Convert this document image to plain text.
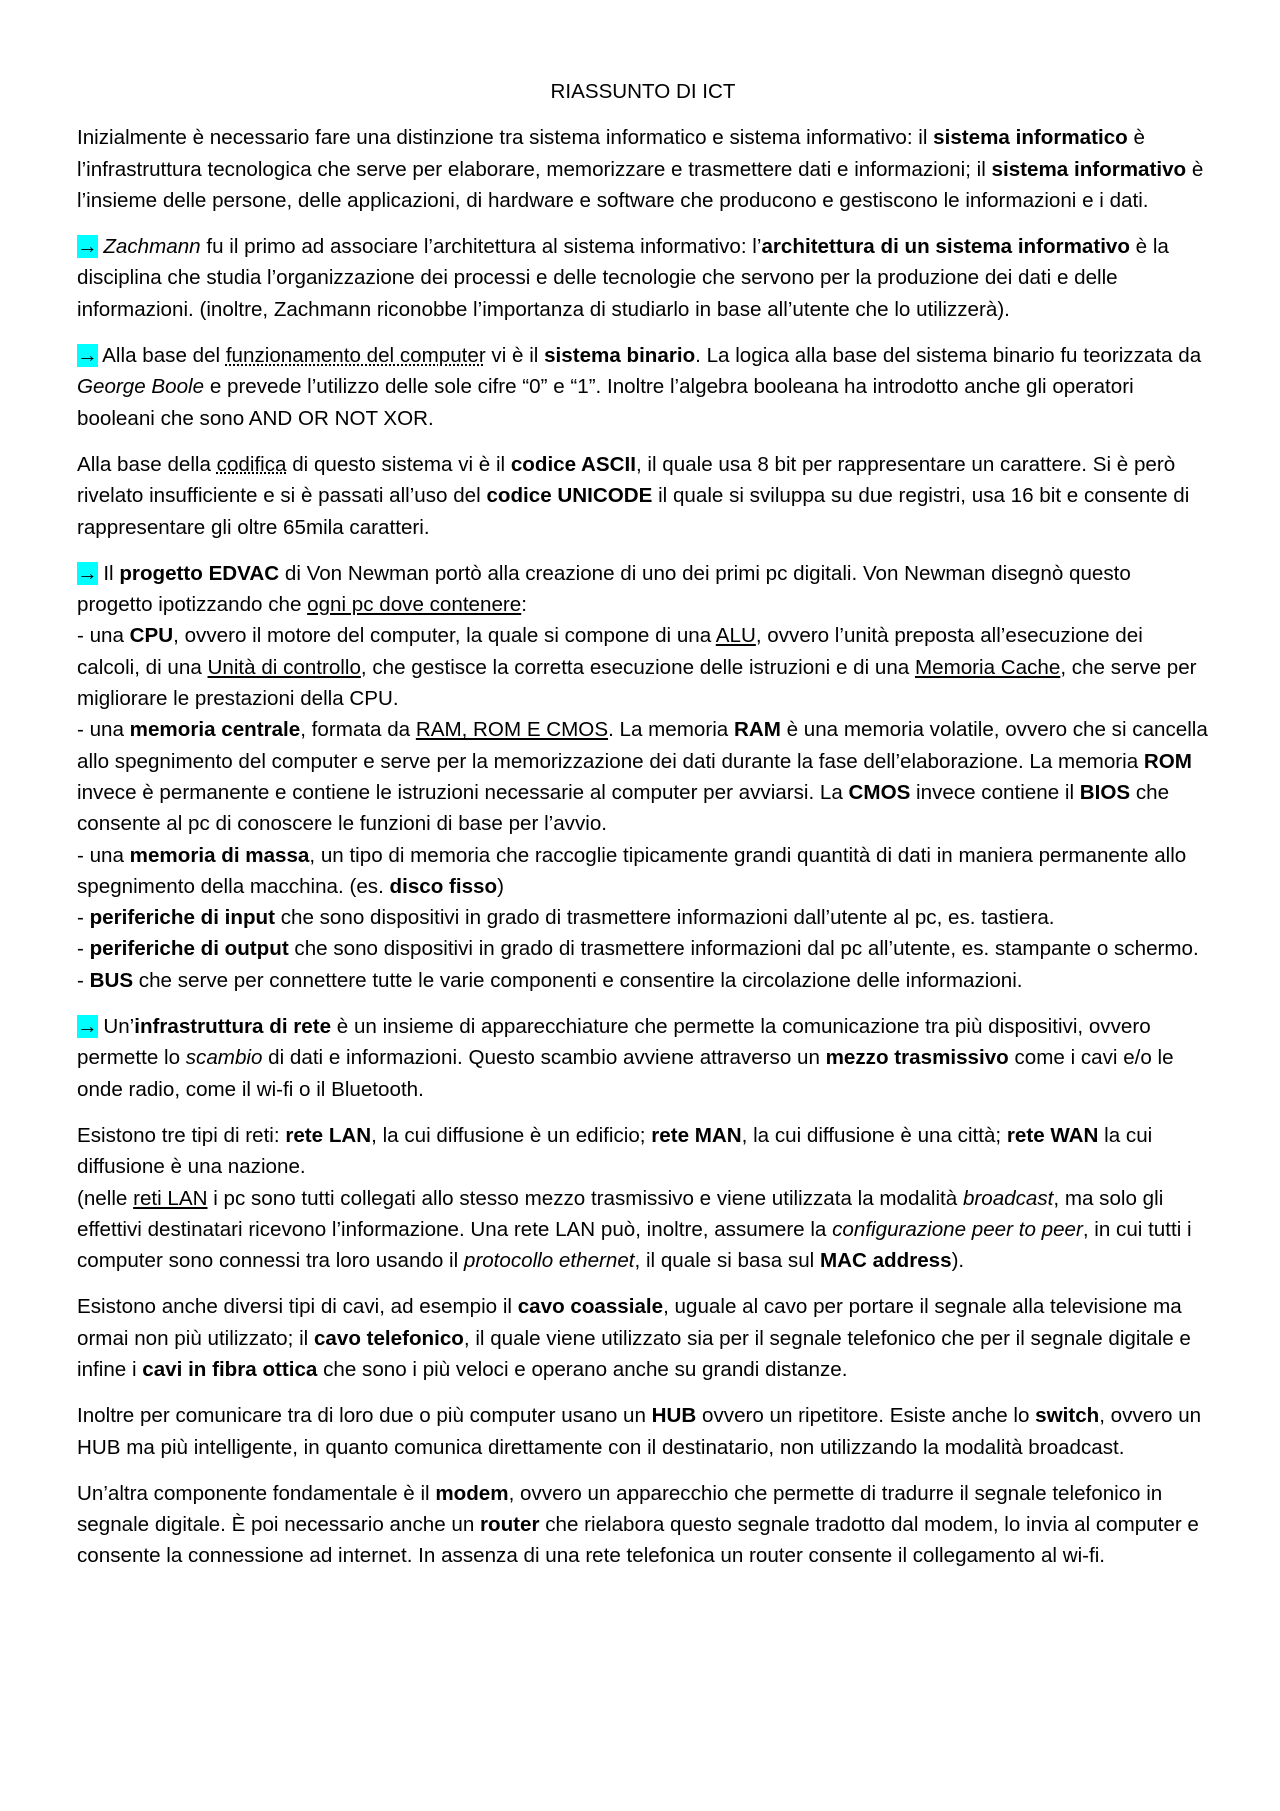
RIASSUNTO DI ICT
Inizialmente è necessario fare una distinzione tra sistema informatico e sistema informativo: il sistema informatico è l’infrastruttura tecnologica che serve per elaborare, memorizzare e trasmettere dati e informazioni; il sistema informativo è l’insieme delle persone, delle applicazioni, di hardware e software che producono e gestiscono le informazioni e i dati.
→ Zachmann fu il primo ad associare l’architettura al sistema informativo: l’architettura di un sistema informativo è la disciplina che studia l’organizzazione dei processi e delle tecnologie che servono per la produzione dei dati e delle informazioni. (inoltre, Zachmann riconobbe l’importanza di studiarlo in base all’utente che lo utilizzerà).
→ Alla base del funzionamento del computer vi è il sistema binario. La logica alla base del sistema binario fu teorizzata da George Boole e prevede l’utilizzo delle sole cifre “0” e “1”. Inoltre l’algebra booleana ha introdotto anche gli operatori booleani che sono AND OR NOT XOR.
Alla base della codifica di questo sistema vi è il codice ASCII, il quale usa 8 bit per rappresentare un carattere. Si è però rivelato insufficiente e si è passati all’uso del codice UNICODE il quale si sviluppa su due registri, usa 16 bit e consente di rappresentare gli oltre 65mila caratteri.
→ Il progetto EDVAC di Von Newman portò alla creazione di uno dei primi pc digitali. Von Newman disegnò questo progetto ipotizzando che ogni pc dove contenere:
- una CPU, ovvero il motore del computer, la quale si compone di una ALU, ovvero l’unità preposta all’esecuzione dei calcoli, di una Unità di controllo, che gestisce la corretta esecuzione delle istruzioni e di una Memoria Cache, che serve per migliorare le prestazioni della CPU.
- una memoria centrale, formata da RAM, ROM E CMOS. La memoria RAM è una memoria volatile, ovvero che si cancella allo spegnimento del computer e serve per la memorizzazione dei dati durante la fase dell’elaborazione. La memoria ROM invece è permanente e contiene le istruzioni necessarie al computer per avviarsi. La CMOS invece contiene il BIOS che consente al pc di conoscere le funzioni di base per l’avvio.
- una memoria di massa, un tipo di memoria che raccoglie tipicamente grandi quantità di dati in maniera permanente allo spegnimento della macchina. (es. disco fisso)
- periferiche di input che sono dispositivi in grado di trasmettere informazioni dall’utente al pc, es. tastiera.
- periferiche di output che sono dispositivi in grado di trasmettere informazioni dal pc all’utente, es. stampante o schermo.
- BUS che serve per connettere tutte le varie componenti e consentire la circolazione delle informazioni.
→ Un’infrastruttura di rete è un insieme di apparecchiature che permette la comunicazione tra più dispositivi, ovvero permette lo scambio di dati e informazioni. Questo scambio avviene attraverso un mezzo trasmissivo come i cavi e/o le onde radio, come il wi-fi o il Bluetooth.
Esistono tre tipi di reti: rete LAN, la cui diffusione è un edificio; rete MAN, la cui diffusione è una città; rete WAN la cui diffusione è una nazione.
(nelle reti LAN i pc sono tutti collegati allo stesso mezzo trasmissivo e viene utilizzata la modalità broadcast, ma solo gli effettivi destinatari ricevono l’informazione. Una rete LAN può, inoltre, assumere la configurazione peer to peer, in cui tutti i computer sono connessi tra loro usando il protocollo ethernet, il quale si basa sul MAC address).
Esistono anche diversi tipi di cavi, ad esempio il cavo coassiale, uguale al cavo per portare il segnale alla televisione ma ormai non più utilizzato; il cavo telefonico, il quale viene utilizzato sia per il segnale telefonico che per il segnale digitale e infine i cavi in fibra ottica che sono i più veloci e operano anche su grandi distanze.
Inoltre per comunicare tra di loro due o più computer usano un HUB ovvero un ripetitore. Esiste anche lo switch, ovvero un HUB ma più intelligente, in quanto comunica direttamente con il destinatario, non utilizzando la modalità broadcast.
Un’altra componente fondamentale è il modem, ovvero un apparecchio che permette di tradurre il segnale telefonico in segnale digitale. È poi necessario anche un router che rielabora questo segnale tradotto dal modem, lo invia al computer e consente la connessione ad internet. In assenza di una rete telefonica un router consente il collegamento al wi-fi.
